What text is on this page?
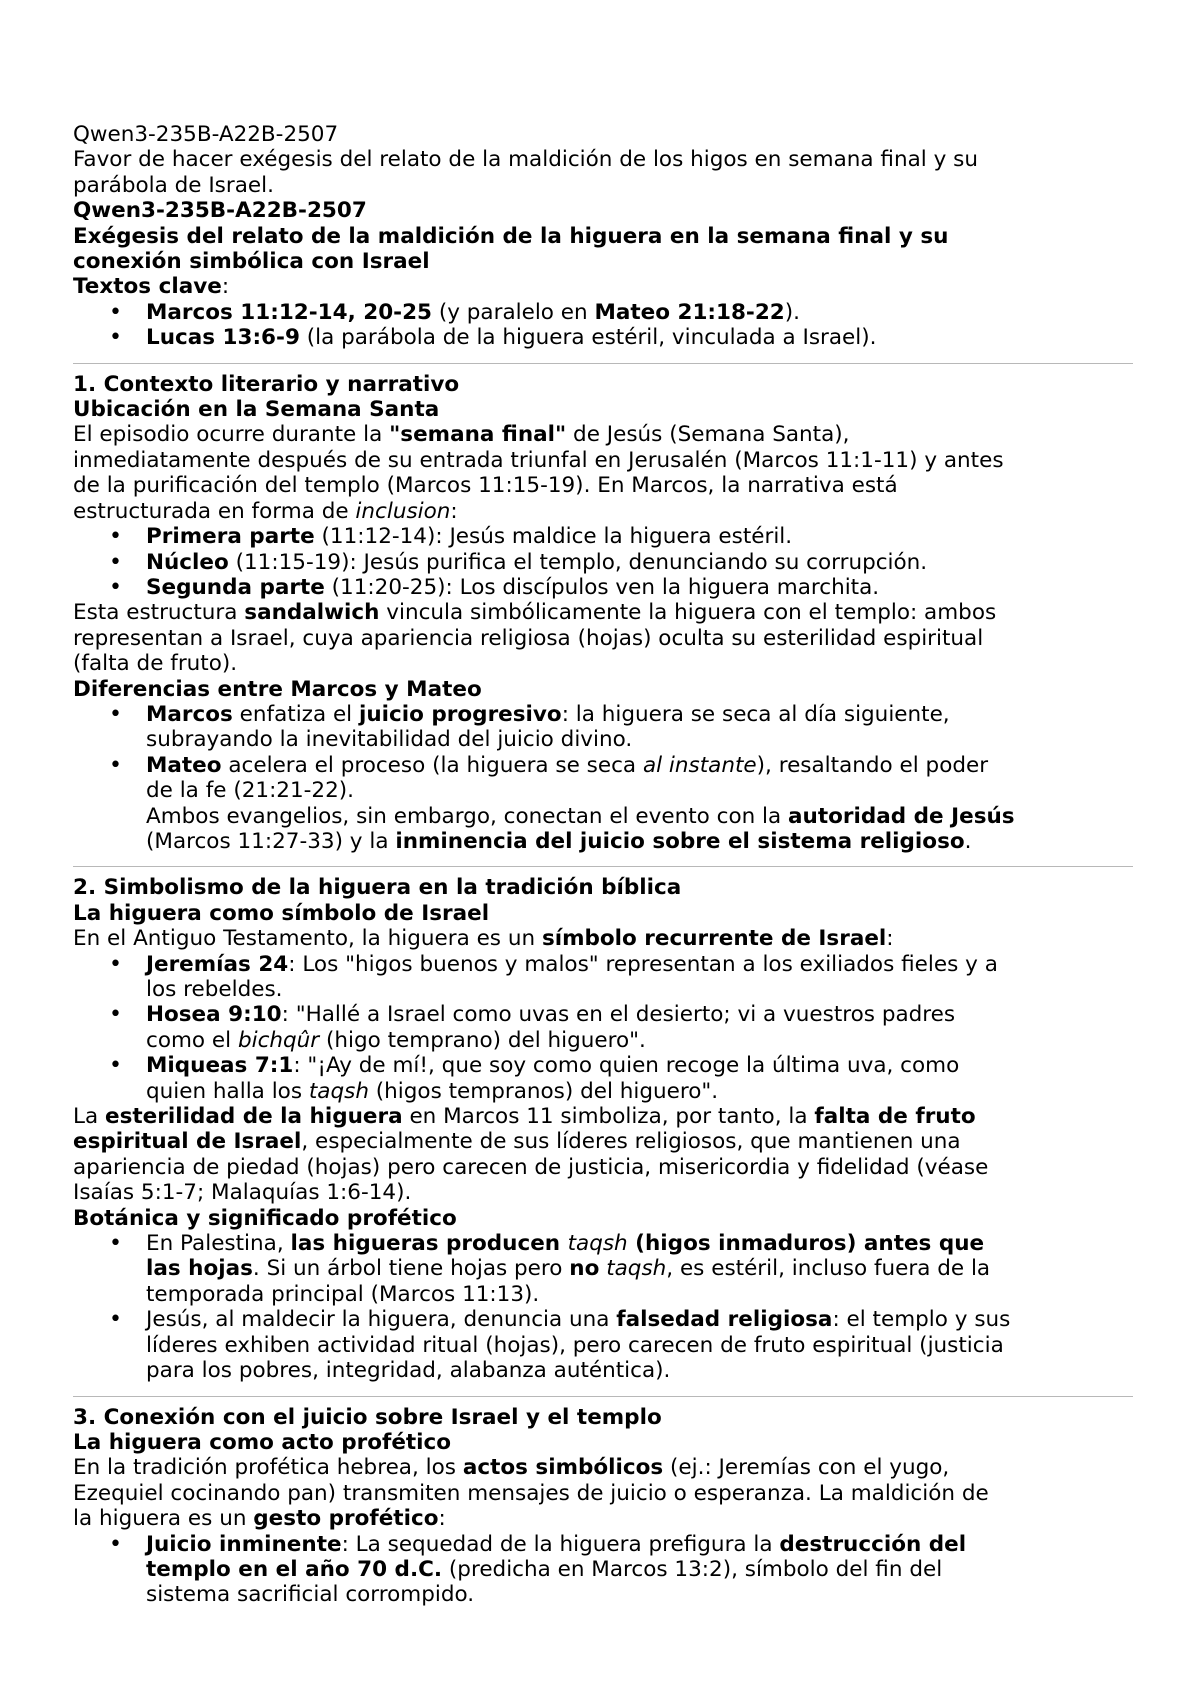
Qwen3-235B-A22B-2507

Favor de hacer exégesis del relato de la maldición de los higos en semana final y su
parábola de Israel.

Qwen3-235B-A22B-2507

Exégesis del relato de la maldición de la higuera en la semana final y su
conexión simbólica con Israel

Textos clave:

• Marcos 11:12-14, 20-25 (y paralelo en Mateo 21:18-22).
• Lucas 13:6-9 (la parábola de la higuera estéril, vinculada a Israel).
1. Contexto literario y narrativo
Ubicación en la Semana Santa

El episodio ocurre durante la "semana final" de Jesús (Semana Santa),
inmediatamente después de su entrada triunfal en Jerusalén (Marcos 11:1-11) y antes
de la purificación del templo (Marcos 11:15-19). En Marcos, la narrativa está
estructurada en forma de inclusion:

• Primera parte (11:12-14): Jesús maldice la higuera estéril.
• Núcleo (11:15-19): Jesús purifica el templo, denunciando su corrupción.
• Segunda parte (11:20-25): Los discípulos ven la higuera marchita.

Esta estructura sandalwich vincula simbólicamente la higuera con el templo: ambos
representan a Israel, cuya apariencia religiosa (hojas) oculta su esterilidad espiritual
(falta de fruto).

Diferencias entre Marcos y Mateo
• Marcos enfatiza el juicio progresivo: la higuera se seca al día siguiente,
subrayando la inevitabilidad del juicio divino.
• Mateo acelera el proceso (la higuera se seca al instante), resaltando el poder
de la fe (21:21-22).
Ambos evangelios, sin embargo, conectan el evento con la autoridad de Jesús
(Marcos 11:27-33) y la inminencia del juicio sobre el sistema religioso.
2. Simbolismo de la higuera en la tradición bíblica
La higuera como símbolo de Israel

En el Antiguo Testamento, la higuera es un símbolo recurrente de Israel:

• Jeremías 24: Los "higos buenos y malos" representan a los exiliados fieles y a
los rebeldes.
• Hosea 9:10: "Hallé a Israel como uvas en el desierto; vi a vuestros padres
como el bichqûr (higo temprano) del higuero".
• Miqueas 7:1: "¡Ay de mí!, que soy como quien recoge la última uva, como
quien halla los taqsh (higos tempranos) del higuero".

La esterilidad de la higuera en Marcos 11 simboliza, por tanto, la falta de fruto
espiritual de Israel, especialmente de sus líderes religiosos, que mantienen una
apariencia de piedad (hojas) pero carecen de justicia, misericordia y fidelidad (véase
Isaías 5:1-7; Malaquías 1:6-14).

Botánica y significado profético
• En Palestina, las higueras producen taqsh (higos inmaduros) antes que
las hojas. Si un árbol tiene hojas pero no taqsh, es estéril, incluso fuera de la
temporada principal (Marcos 11:13).
• Jesús, al maldecir la higuera, denuncia una falsedad religiosa: el templo y sus
líderes exhiben actividad ritual (hojas), pero carecen de fruto espiritual (justicia
para los pobres, integridad, alabanza auténtica).
3. Conexión con el juicio sobre Israel y el templo
La higuera como acto profético

En la tradición profética hebrea, los actos simbólicos (ej.: Jeremías con el yugo,
Ezequiel cocinando pan) transmiten mensajes de juicio o esperanza. La maldición de
la higuera es un gesto profético:

• Juicio inminente: La sequedad de la higuera prefigura la destrucción del
templo en el año 70 d.C. (predicha en Marcos 13:2), símbolo del fin del
sistema sacrificial corrompido.
